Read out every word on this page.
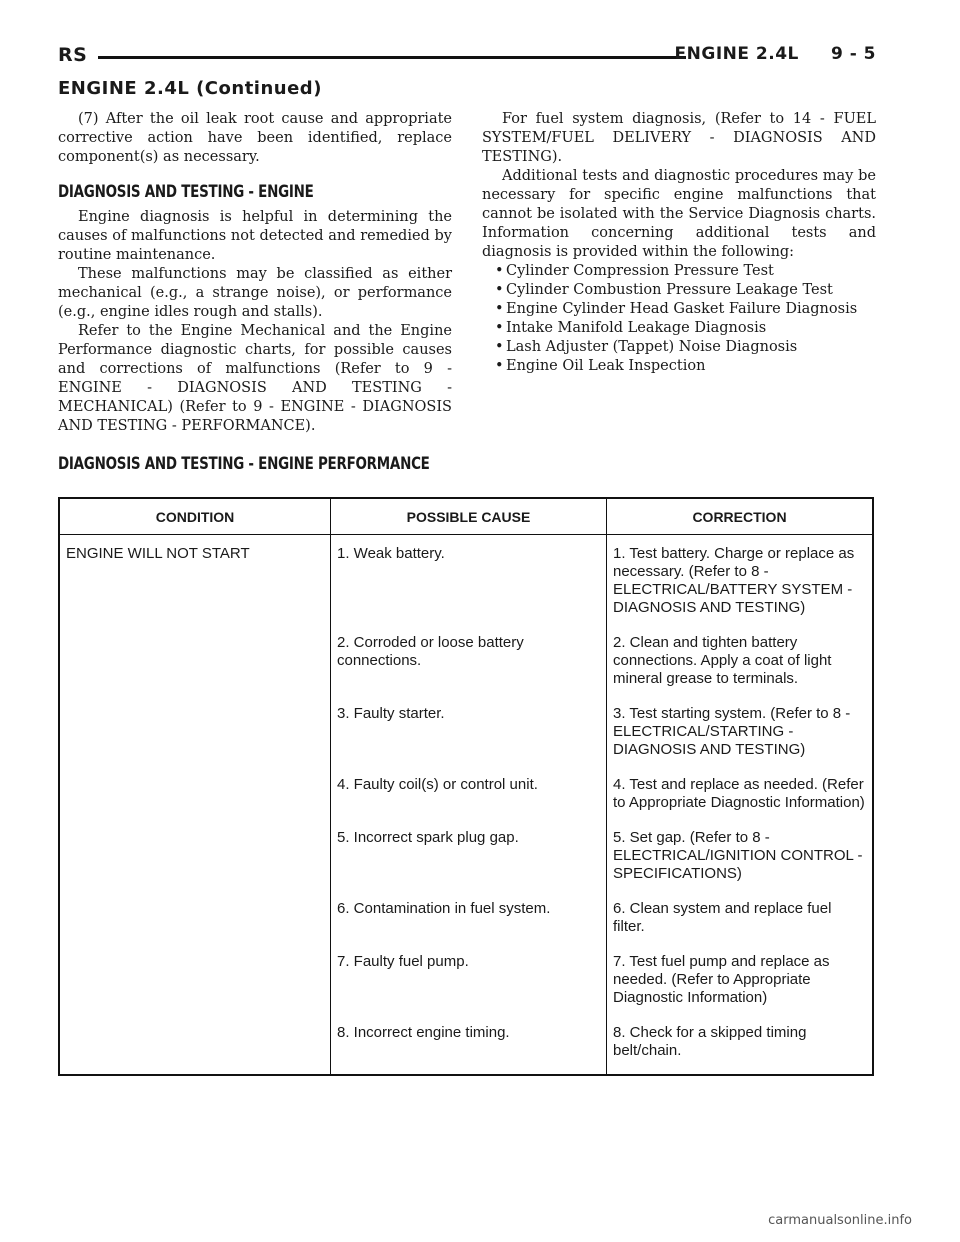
RS	ENGINE 2.4L     9 - 5
ENGINE 2.4L (Continued)

(7) After the oil leak root cause and appropriate corrective action have been identified, replace component(s) as necessary.

DIAGNOSIS AND TESTING - ENGINE

Engine diagnosis is helpful in determining the causes of malfunctions not detected and remedied by routine maintenance.

These malfunctions may be classified as either mechanical (e.g., a strange noise), or performance (e.g., engine idles rough and stalls).

Refer to the Engine Mechanical and the Engine Performance diagnostic charts, for possible causes and corrections of malfunctions (Refer to 9 - ENGINE - DIAGNOSIS AND TESTING - MECHANICAL) (Refer to 9 - ENGINE - DIAGNOSIS AND TESTING - PERFORMANCE).

For fuel system diagnosis, (Refer to 14 - FUEL SYSTEM/FUEL DELIVERY - DIAGNOSIS AND TESTING).

Additional tests and diagnostic procedures may be necessary for specific engine malfunctions that cannot be isolated with the Service Diagnosis charts. Information concerning additional tests and diagnosis is provided within the following:

• Cylinder Compression Pressure Test
• Cylinder Combustion Pressure Leakage Test
• Engine Cylinder Head Gasket Failure Diagnosis
• Intake Manifold Leakage Diagnosis
• Lash Adjuster (Tappet) Noise Diagnosis
• Engine Oil Leak Inspection
DIAGNOSIS AND TESTING - ENGINE PERFORMANCE
CONDITION	POSSIBLE CAUSE	CORRECTION
ENGINE WILL NOT START	1. Weak battery.	1. Test battery. Charge or replace as necessary. (Refer to 8 - ELECTRICAL/BATTERY SYSTEM - DIAGNOSIS AND TESTING)
	2. Corroded or loose battery connections.	2. Clean and tighten battery connections. Apply a coat of light mineral grease to terminals.
	3. Faulty starter.	3. Test starting system. (Refer to 8 - ELECTRICAL/STARTING - DIAGNOSIS AND TESTING)
	4. Faulty coil(s) or control unit.	4. Test and replace as needed. (Refer to Appropriate Diagnostic Information)
	5. Incorrect spark plug gap.	5. Set gap. (Refer to 8 - ELECTRICAL/IGNITION CONTROL - SPECIFICATIONS)
	6. Contamination in fuel system.	6. Clean system and replace fuel filter.
	7. Faulty fuel pump.	7. Test fuel pump and replace as needed. (Refer to Appropriate Diagnostic Information)
	8. Incorrect engine timing.	8. Check for a skipped timing belt/chain.
carmanualsonline.info
